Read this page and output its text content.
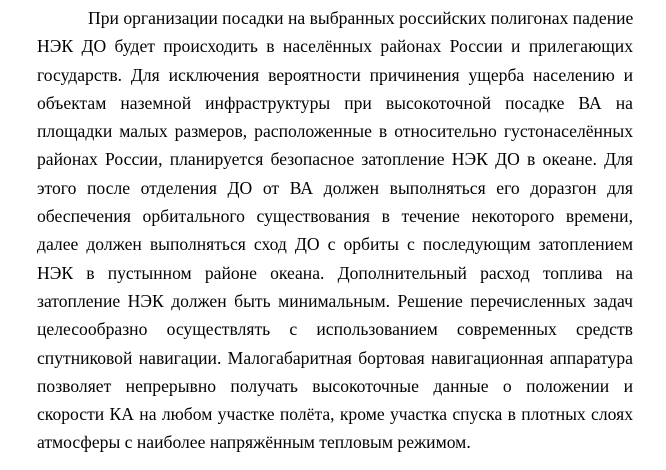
При организации посадки на выбранных российских полигонах падение
НЭК ДО будет происходить в населённых районах России и прилегающих
государств. Для исключения вероятности причинения ущерба населению и
объектам наземной инфраструктуры при высокоточной посадке ВА на
площадки малых размеров, расположенные в относительно густонаселённых
районах России, планируется безопасное затопление НЭК ДО в океане. Для
этого после отделения ДО от ВА должен выполняться его доразгон для
обеспечения орбитального существования в течение некоторого времени,
далее должен выполняться сход ДО с орбиты с последующим затоплением
НЭК в пустынном районе океана. Дополнительный расход топлива на
затопление НЭК должен быть минимальным. Решение перечисленных задач
целесообразно осуществлять с использованием современных средств
спутниковой навигации. Малогабаритная бортовая навигационная аппаратура
позволяет непрерывно получать высокоточные данные о положении и
скорости КА на любом участке полёта, кроме участка спуска в плотных слоях
атмосферы с наиболее напряжённым тепловым режимом.
